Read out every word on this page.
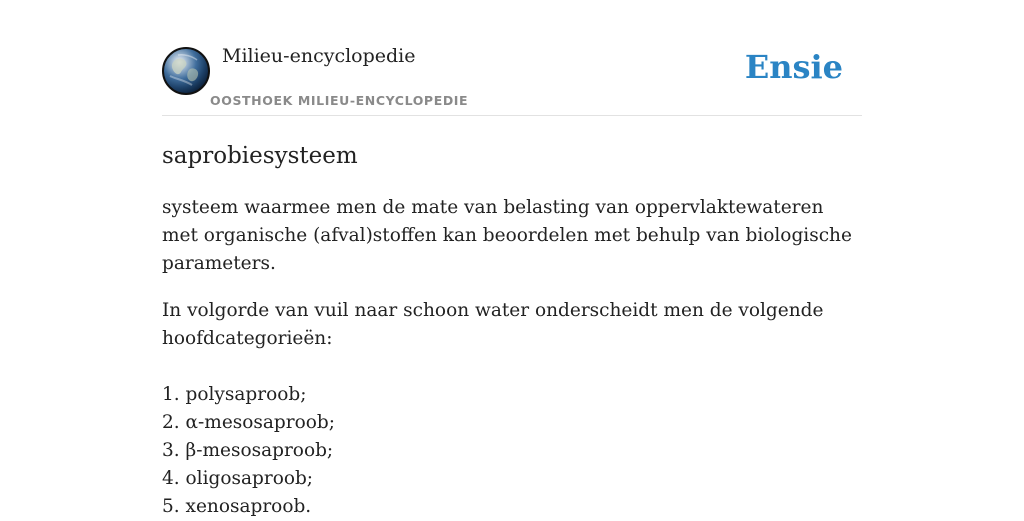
Milieu-encyclopedie
OOSTHOEK MILIEU-ENCYCLOPEDIE
Ensie
saprobiesysteem

systeem waarmee men de mate van belasting van oppervlaktewateren met organische (afval)stoffen kan beoordelen met behulp van biologische parameters.

In volgorde van vuil naar schoon water onderscheidt men de volgende hoofdcategorieën:

1. polysaproob;
2. α-mesosaproob;
3. β-mesosaproob;
4. oligosaproob;
5. xenosaproob.
